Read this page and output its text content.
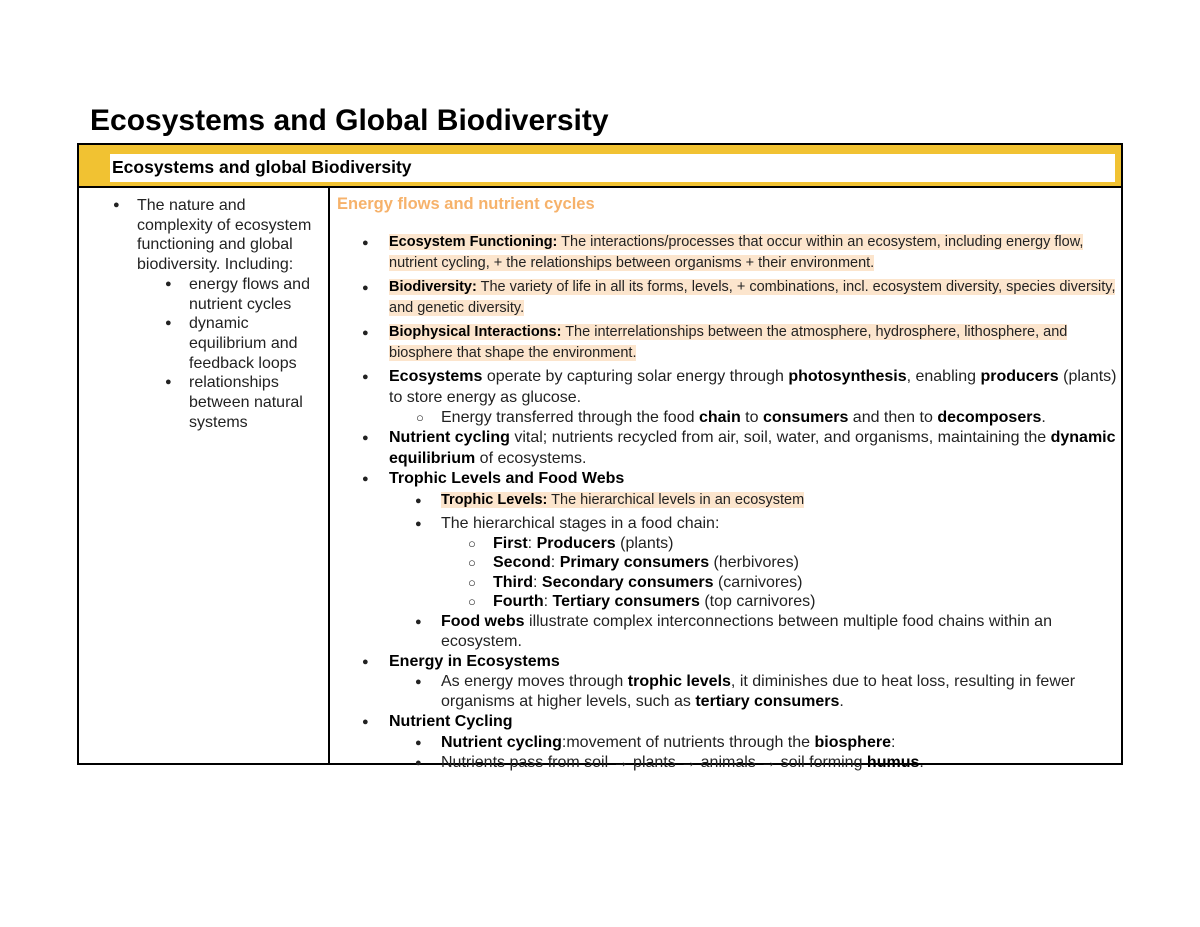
Ecosystems and Global Biodiversity
Ecosystems and global Biodiversity
● The nature and complexity of ecosystem functioning and global biodiversity. Including:
● energy flows and nutrient cycles
● dynamic equilibrium and feedback loops
● relationships between natural systems
Energy flows and nutrient cycles
● Ecosystem Functioning: The interactions/processes that occur within an ecosystem, including energy flow, nutrient cycling, + the relationships between organisms + their environment.
● Biodiversity: The variety of life in all its forms, levels, + combinations, incl. ecosystem diversity, species diversity, and genetic diversity.
● Biophysical Interactions: The interrelationships between the atmosphere, hydrosphere, lithosphere, and biosphere that shape the environment.
● Ecosystems operate by capturing solar energy through photosynthesis, enabling producers (plants) to store energy as glucose.
○ Energy transferred through the food chain to consumers and then to decomposers.
● Nutrient cycling vital; nutrients recycled from air, soil, water, and organisms, maintaining the dynamic equilibrium of ecosystems.
● Trophic Levels and Food Webs
● Trophic Levels: The hierarchical levels in an ecosystem
● The hierarchical stages in a food chain:
○ First: Producers (plants)
○ Second: Primary consumers (herbivores)
○ Third: Secondary consumers (carnivores)
○ Fourth: Tertiary consumers (top carnivores)
● Food webs illustrate complex interconnections between multiple food chains within an ecosystem.
● Energy in Ecosystems
● As energy moves through trophic levels, it diminishes due to heat loss, resulting in fewer organisms at higher levels, such as tertiary consumers.
● Nutrient Cycling
● Nutrient cycling:movement of nutrients through the biosphere:
● Nutrients pass from soil → plants → animals → soil forming humus.
